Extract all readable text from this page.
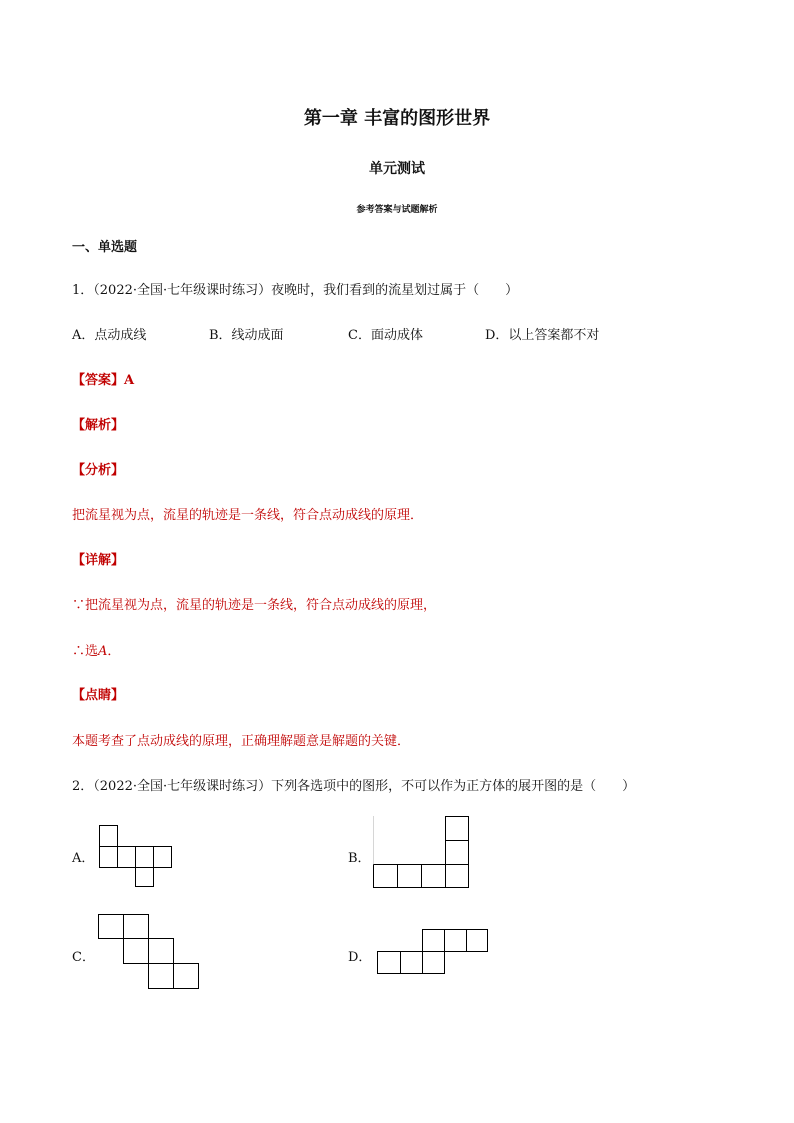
第一章 丰富的图形世界
单元测试
参考答案与试题解析
一、单选题
1．（2022·全国·七年级课时练习）夜晚时，我们看到的流星划过属于（　　）
A．点动成线	B．线动成面	C．面动成体	D．以上答案都不对
【答案】A
【解析】
【分析】
把流星视为点，流星的轨迹是一条线，符合点动成线的原理．
【详解】
∵把流星视为点，流星的轨迹是一条线，符合点动成线的原理，
∴选A．
【点睛】
本题考查了点动成线的原理，正确理解题意是解题的关键．
2．（2022·全国·七年级课时练习）下列各选项中的图形，不可以作为正方体的展开图的是（　　）
A．	B．
C．	D．
